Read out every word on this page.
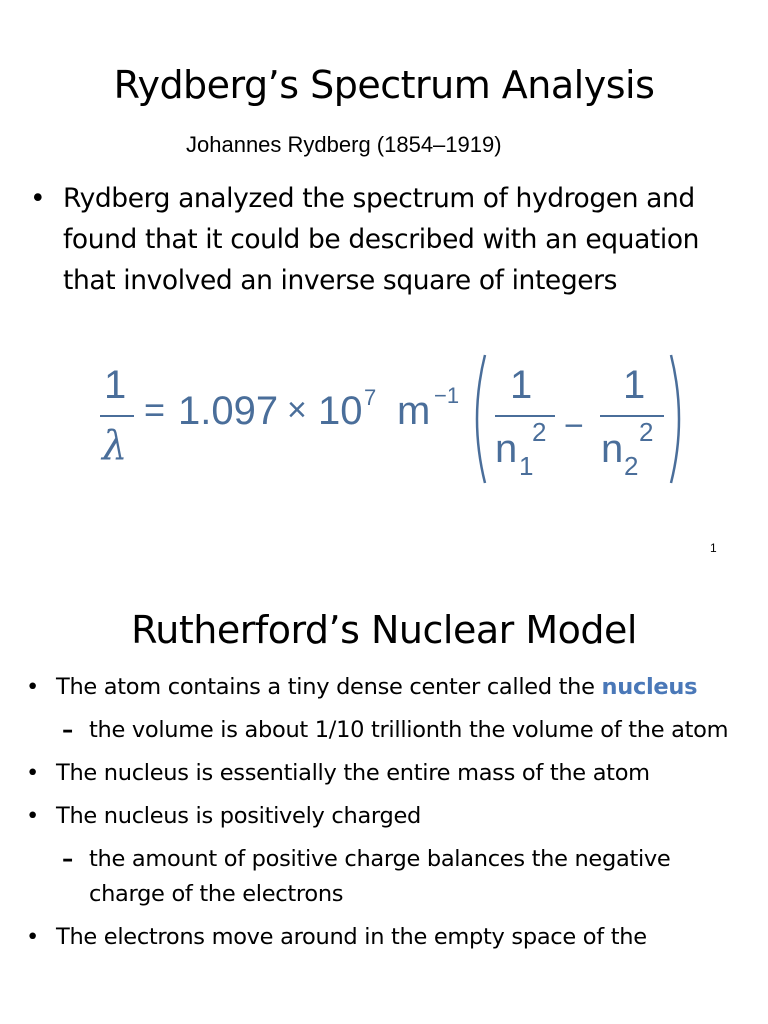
Rydberg’s Spectrum Analysis
Johannes Rydberg (1854–1919)
• Rydberg analyzed the spectrum of hydrogen and found that it could be described with an equation that involved an inverse square of integers
1
λ
= 1.097 × 10 7 m −1 1
n 1
2 −
1
n 2
2
1
Rutherford’s Nuclear Model
• The atom contains a tiny dense center called the nucleus
– the volume is about 1/10 trillionth the volume of the atom
• The nucleus is essentially the entire mass of the atom
• The nucleus is positively charged
– the amount of positive charge balances the negative charge of the electrons
• The electrons move around in the empty space of the
